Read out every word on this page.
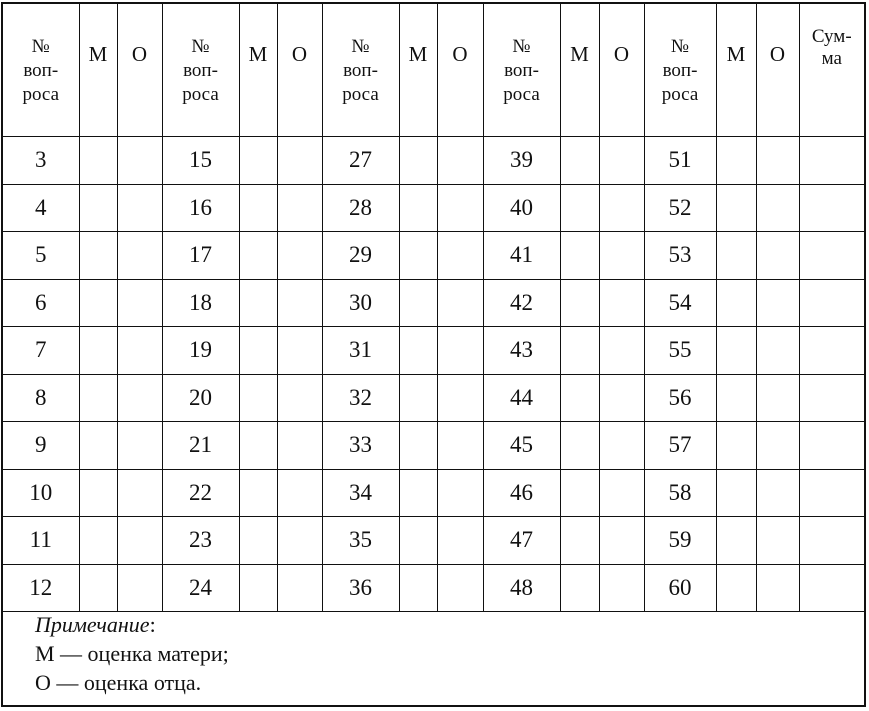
№
воп-
роса	М	О	№
воп-
роса	М	О	№
воп-
роса	М	О	№
воп-
роса	М	О	№
воп-
роса	М	О	Сум-
ма

3			15			27			39			51			
4			16			28			40			52			
5			17			29			41			53			
6			18			30			42			54			
7			19			31			43			55			
8			20			32			44			56			
9			21			33			45			57			
10			22			34			46			58			
11			23			35			47			59			
12			24			36			48			60			
Примечание:
М — оценка матери;
О — оценка отца.
